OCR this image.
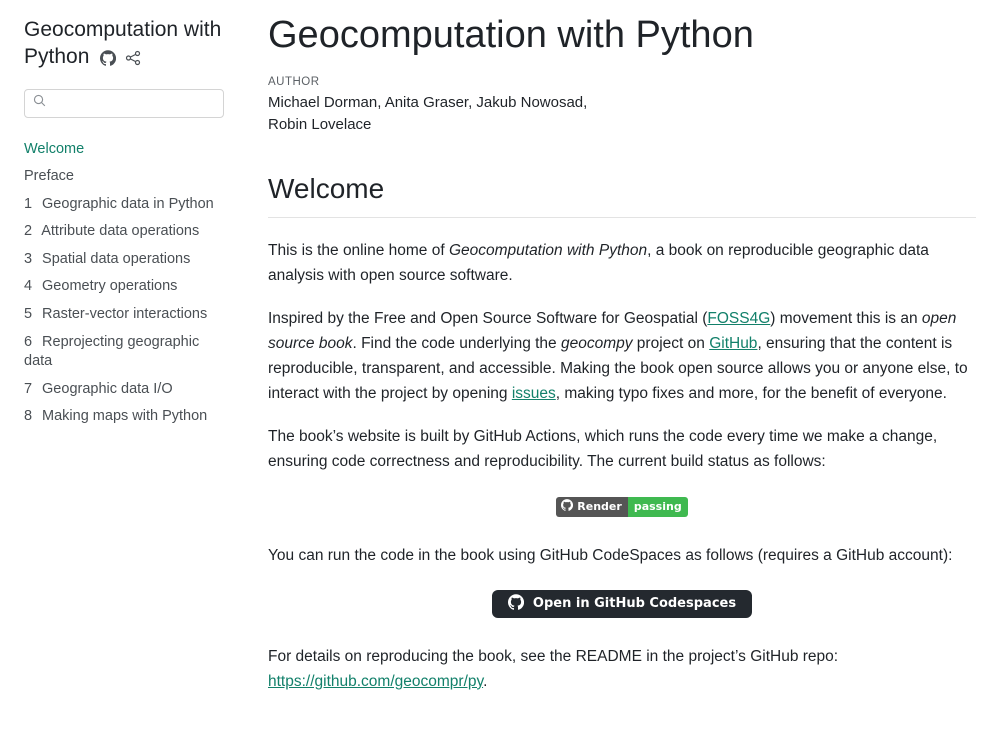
Geocomputation with Python
Welcome
Preface
1 Geographic data in Python
2 Attribute data operations
3 Spatial data operations
4 Geometry operations
5 Raster-vector interactions
6 Reprojecting geographic data
7 Geographic data I/O
8 Making maps with Python
Geocomputation with Python
AUTHOR
Michael Dorman, Anita Graser, Jakub Nowosad, Robin Lovelace
Welcome

This is the online home of Geocomputation with Python, a book on reproducible geographic data analysis with open source software.

Inspired by the Free and Open Source Software for Geospatial (FOSS4G) movement this is an open source book. Find the code underlying the geocompy project on GitHub, ensuring that the content is reproducible, transparent, and accessible. Making the book open source allows you or anyone else, to interact with the project by opening issues, making typo fixes and more, for the benefit of everyone.

The book’s website is built by GitHub Actions, which runs the code every time we make a change, ensuring code correctness and reproducibility. The current build status as follows:

Render	passing

You can run the code in the book using GitHub CodeSpaces as follows (requires a GitHub account):

Open in GitHub Codespaces

For details on reproducing the book, see the README in the project’s GitHub repo: https://github.com/geocompr/py.
